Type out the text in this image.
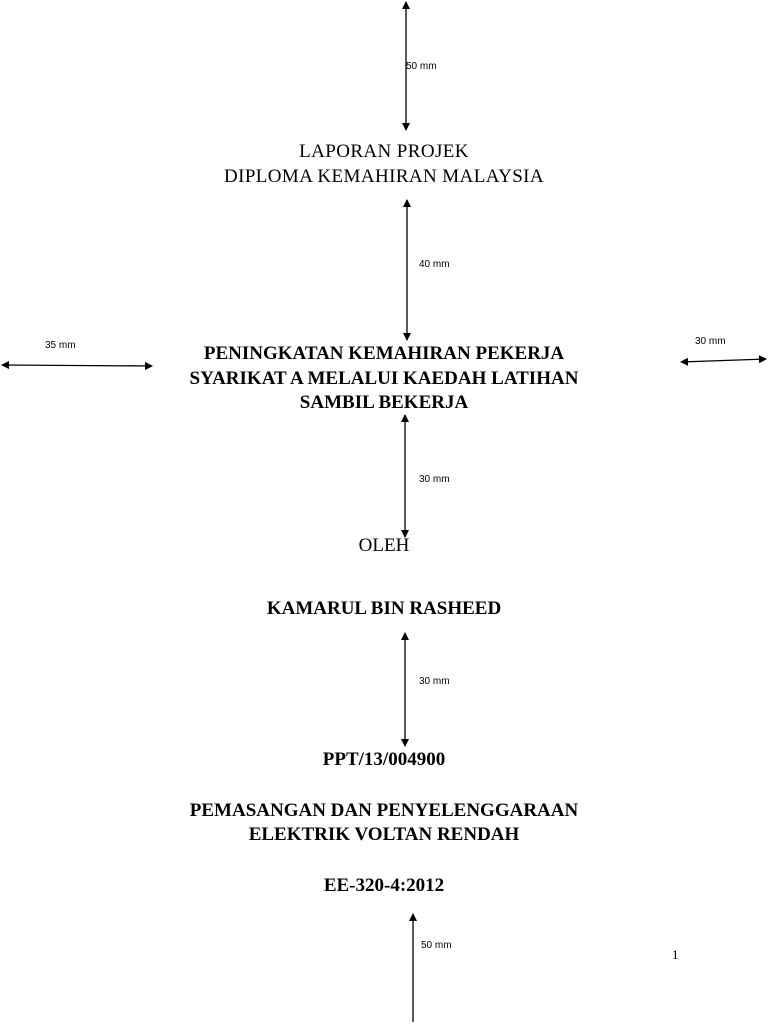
50 mm
40 mm
35 mm	30 mm
30 mm
30 mm
50 mm
LAPORAN PROJEK
DIPLOMA KEMAHIRAN MALAYSIA
PENINGKATAN KEMAHIRAN PEKERJA
SYARIKAT A MELALUI KAEDAH LATIHAN
SAMBIL BEKERJA
OLEH
KAMARUL BIN RASHEED
PPT/13/004900
PEMASANGAN DAN PENYELENGGARAAN
ELEKTRIK VOLTAN RENDAH
EE-320-4:2012
1
